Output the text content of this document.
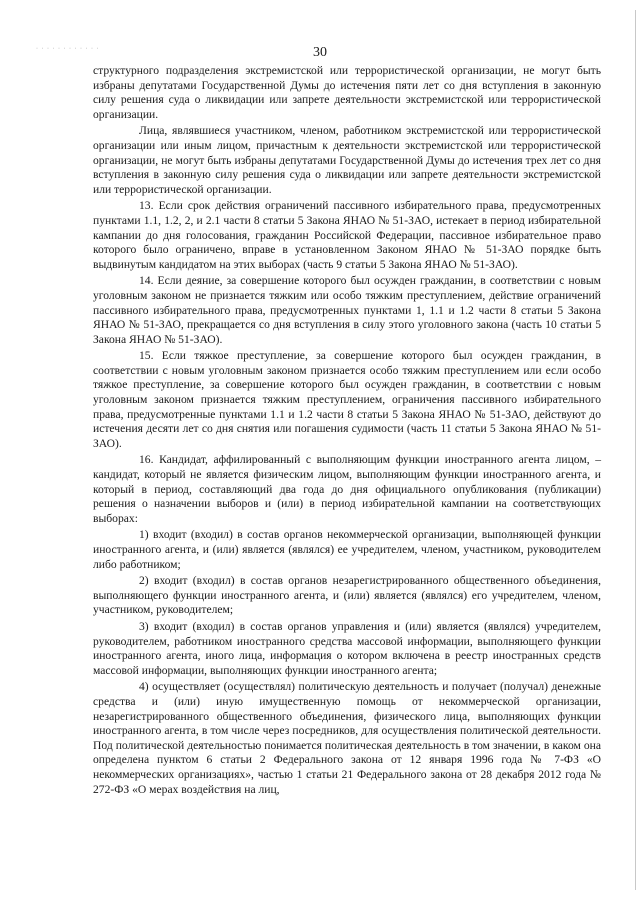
· · · · · · · · · · · ·	30

структурного подразделения экстремистской или террористической организации, не могут быть избраны депутатами Государственной Думы до истечения пяти лет со дня вступления в законную силу решения суда о ликвидации или запрете деятельности экстремистской или террористической организации.

Лица, являвшиеся участником, членом, работником экстремистской или террористической организации или иным лицом, причастным к деятельности экстремистской или террористической организации, не могут быть избраны депутатами Государственной Думы до истечения трех лет со дня вступления в законную силу решения суда о ликвидации или запрете деятельности экстремистской или террористической организации.

13. Если срок действия ограничений пассивного избирательного права, предусмотренных пунктами 1.1, 1.2, 2, и 2.1 части 8 статьи 5 Закона ЯНАО № 51-ЗАО, истекает в период избирательной кампании до дня голосования, гражданин Российской Федерации, пассивное избирательное право которого было ограничено, вправе в установленном Законом ЯНАО № 51-ЗАО порядке быть выдвинутым кандидатом на этих выборах (часть 9 статьи 5 Закона ЯНАО № 51-ЗАО).

14. Если деяние, за совершение которого был осужден гражданин, в соответствии с новым уголовным законом не признается тяжким или особо тяжким преступлением, действие ограничений пассивного избирательного права, предусмотренных пунктами 1, 1.1 и 1.2 части 8 статьи 5 Закона ЯНАО № 51-ЗАО, прекращается со дня вступления в силу этого уголовного закона (часть 10 статьи 5 Закона ЯНАО № 51-ЗАО).

15. Если тяжкое преступление, за совершение которого был осужден гражданин, в соответствии с новым уголовным законом признается особо тяжким преступлением или если особо тяжкое преступление, за совершение которого был осужден гражданин, в соответствии с новым уголовным законом признается тяжким преступлением, ограничения пассивного избирательного права, предусмотренные пунктами 1.1 и 1.2 части 8 статьи 5 Закона ЯНАО № 51-ЗАО, действуют до истечения десяти лет со дня снятия или погашения судимости (часть 11 статьи 5 Закона ЯНАО № 51-ЗАО).

16. Кандидат, аффилированный с выполняющим функции иностранного агента лицом, – кандидат, который не является физическим лицом, выполняющим функции иностранного агента, и который в период, составляющий два года до дня официального опубликования (публикации) решения о назначении выборов и (или) в период избирательной кампании на соответствующих выборах:

1) входит (входил) в состав органов некоммерческой организации, выполняющей функции иностранного агента, и (или) является (являлся) ее учредителем, членом, участником, руководителем либо работником;

2) входит (входил) в состав органов незарегистрированного общественного объединения, выполняющего функции иностранного агента, и (или) является (являлся) его учредителем, членом, участником, руководителем;

3) входит (входил) в состав органов управления и (или) является (являлся) учредителем, руководителем, работником иностранного средства массовой информации, выполняющего функции иностранного агента, иного лица, информация о котором включена в реестр иностранных средств массовой информации, выполняющих функции иностранного агента;

4) осуществляет (осуществлял) политическую деятельность и получает (получал) денежные средства и (или) иную имущественную помощь от некоммерческой организации, незарегистрированного общественного объединения, физического лица, выполняющих функции иностранного агента, в том числе через посредников, для осуществления политической деятельности. Под политической деятельностью понимается политическая деятельность в том значении, в каком она определена пунктом 6 статьи 2 Федерального закона от 12 января 1996 года № 7-ФЗ «О некоммерческих организациях», частью 1 статьи 21 Федерального закона от 28 декабря 2012 года № 272-ФЗ «О мерах воздействия на лиц,
